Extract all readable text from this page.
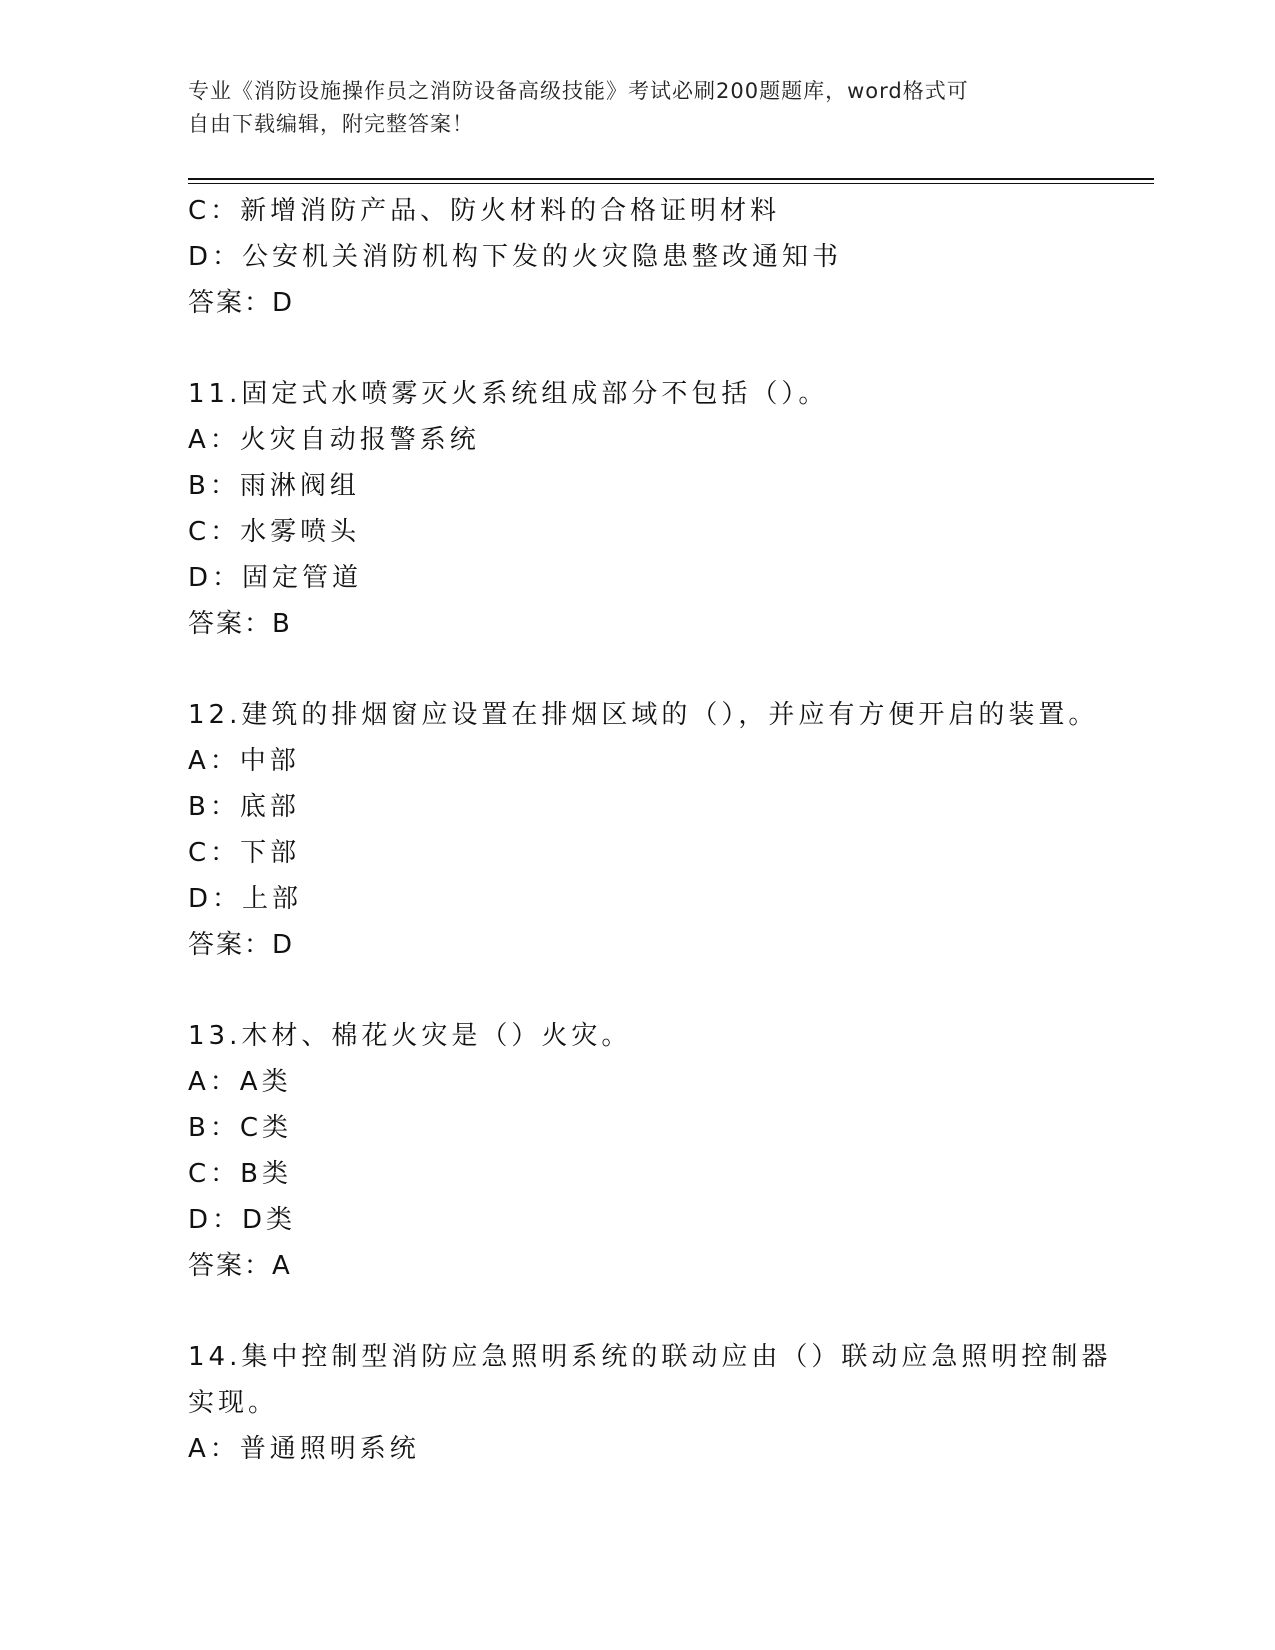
专业《消防设施操作员之消防设备高级技能》考试必刷200题题库，word格式可
自由下载编辑，附完整答案！
C：新增消防产品、防火材料的合格证明材料
D：公安机关消防机构下发的火灾隐患整改通知书
答案：D
11.固定式水喷雾灭火系统组成部分不包括（）。
A：火灾自动报警系统
B：雨淋阀组
C：水雾喷头
D：固定管道
答案：B
12.建筑的排烟窗应设置在排烟区域的（），并应有方便开启的装置。
A：中部
B：底部
C：下部
D：上部
答案：D
13.木材、棉花火灾是（）火灾。
A：A类
B：C类
C：B类
D：D类
答案：A
14.集中控制型消防应急照明系统的联动应由（）联动应急照明控制器
实现。
A：普通照明系统
